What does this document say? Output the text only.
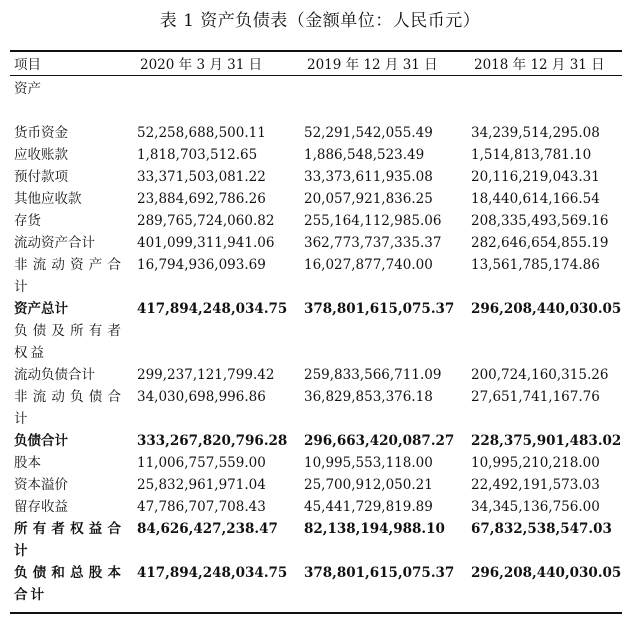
表 1 资产负债表（金额单位：人民币元）
项目	2020 年 3 月 31 日	2019 年 12 月 31 日	2018 年 12 月 31 日
资产
货币资金	52,258,688,500.11	52,291,542,055.49	34,239,514,295.08
应收账款	1,818,703,512.65	1,886,548,523.49	1,514,813,781.10
预付款项	33,371,503,081.22	33,373,611,935.08	20,116,219,043.31
其他应收款	23,884,692,786.26	20,057,921,836.25	18,440,614,166.54
存货	289,765,724,060.82 255,164,112,985.06 208,335,493,569.16
流动资产合计	401,099,311,941.06 362,773,737,335.37 282,646,654,855.19
非流动资产合计
16,794,936,093.69	16,027,877,740.00	13,561,785,174.86
资产总计	417,894,248,034.75 378,801,615,075.37 296,208,440,030.05
负债及所有者权益
流动负债合计	299,237,121,799.42 259,833,566,711.09 200,724,160,315.26
非流动负债合计
34,030,698,996.86	36,829,853,376.18	27,651,741,167.76
负债合计	333,267,820,796.28 296,663,420,087.27 228,375,901,483.02
股本	11,006,757,559.00	10,995,553,118.00	10,995,210,218.00
资本溢价	25,832,961,971.04	25,700,912,050.21	22,492,191,573.03
留存收益	47,786,707,708.43	45,441,729,819.89	34,345,136,756.00
所有者权益合计
84,626,427,238.47 82,138,194,988.10 67,832,538,547.03
负债和总股本合计
417,894,248,034.75 378,801,615,075.37 296,208,440,030.05
